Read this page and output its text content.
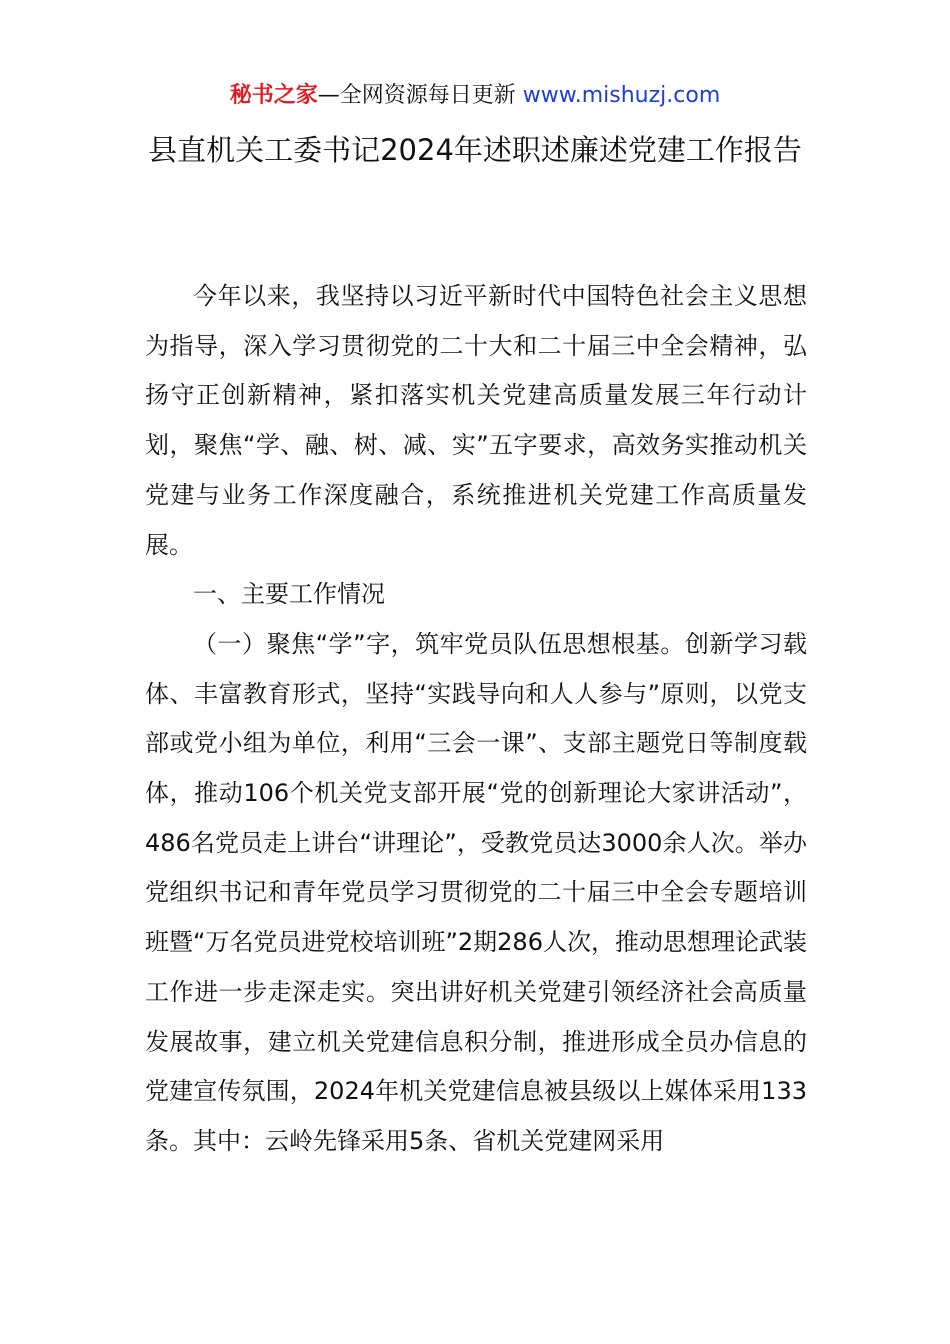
秘书之家—全网资源每日更新 www.mishuzj.com
县直机关工委书记2024年述职述廉述党建工作报告

今年以来，我坚持以习近平新时代中国特色社会主义思想为指导，深入学习贯彻党的二十大和二十届三中全会精神，弘扬守正创新精神，紧扣落实机关党建高质量发展三年行动计划，聚焦“学、融、树、减、实”五字要求，高效务实推动机关党建与业务工作深度融合，系统推进机关党建工作高质量发展。

一、主要工作情况

（一）聚焦“学”字，筑牢党员队伍思想根基。创新学习载体、丰富教育形式，坚持“实践导向和人人参与”原则，以党支部或党小组为单位，利用“三会一课”、支部主题党日等制度载体，推动106个机关党支部开展“党的创新理论大家讲活动”，486名党员走上讲台“讲理论”，受教党员达3000余人次。举办党组织书记和青年党员学习贯彻党的二十届三中全会专题培训班暨“万名党员进党校培训班”2期286人次，推动思想理论武装工作进一步走深走实。突出讲好机关党建引领经济社会高质量发展故事，建立机关党建信息积分制，推进形成全员办信息的党建宣传氛围，2024年机关党建信息被县级以上媒体采用133条。其中：云岭先锋采用5条、省机关党建网采用
